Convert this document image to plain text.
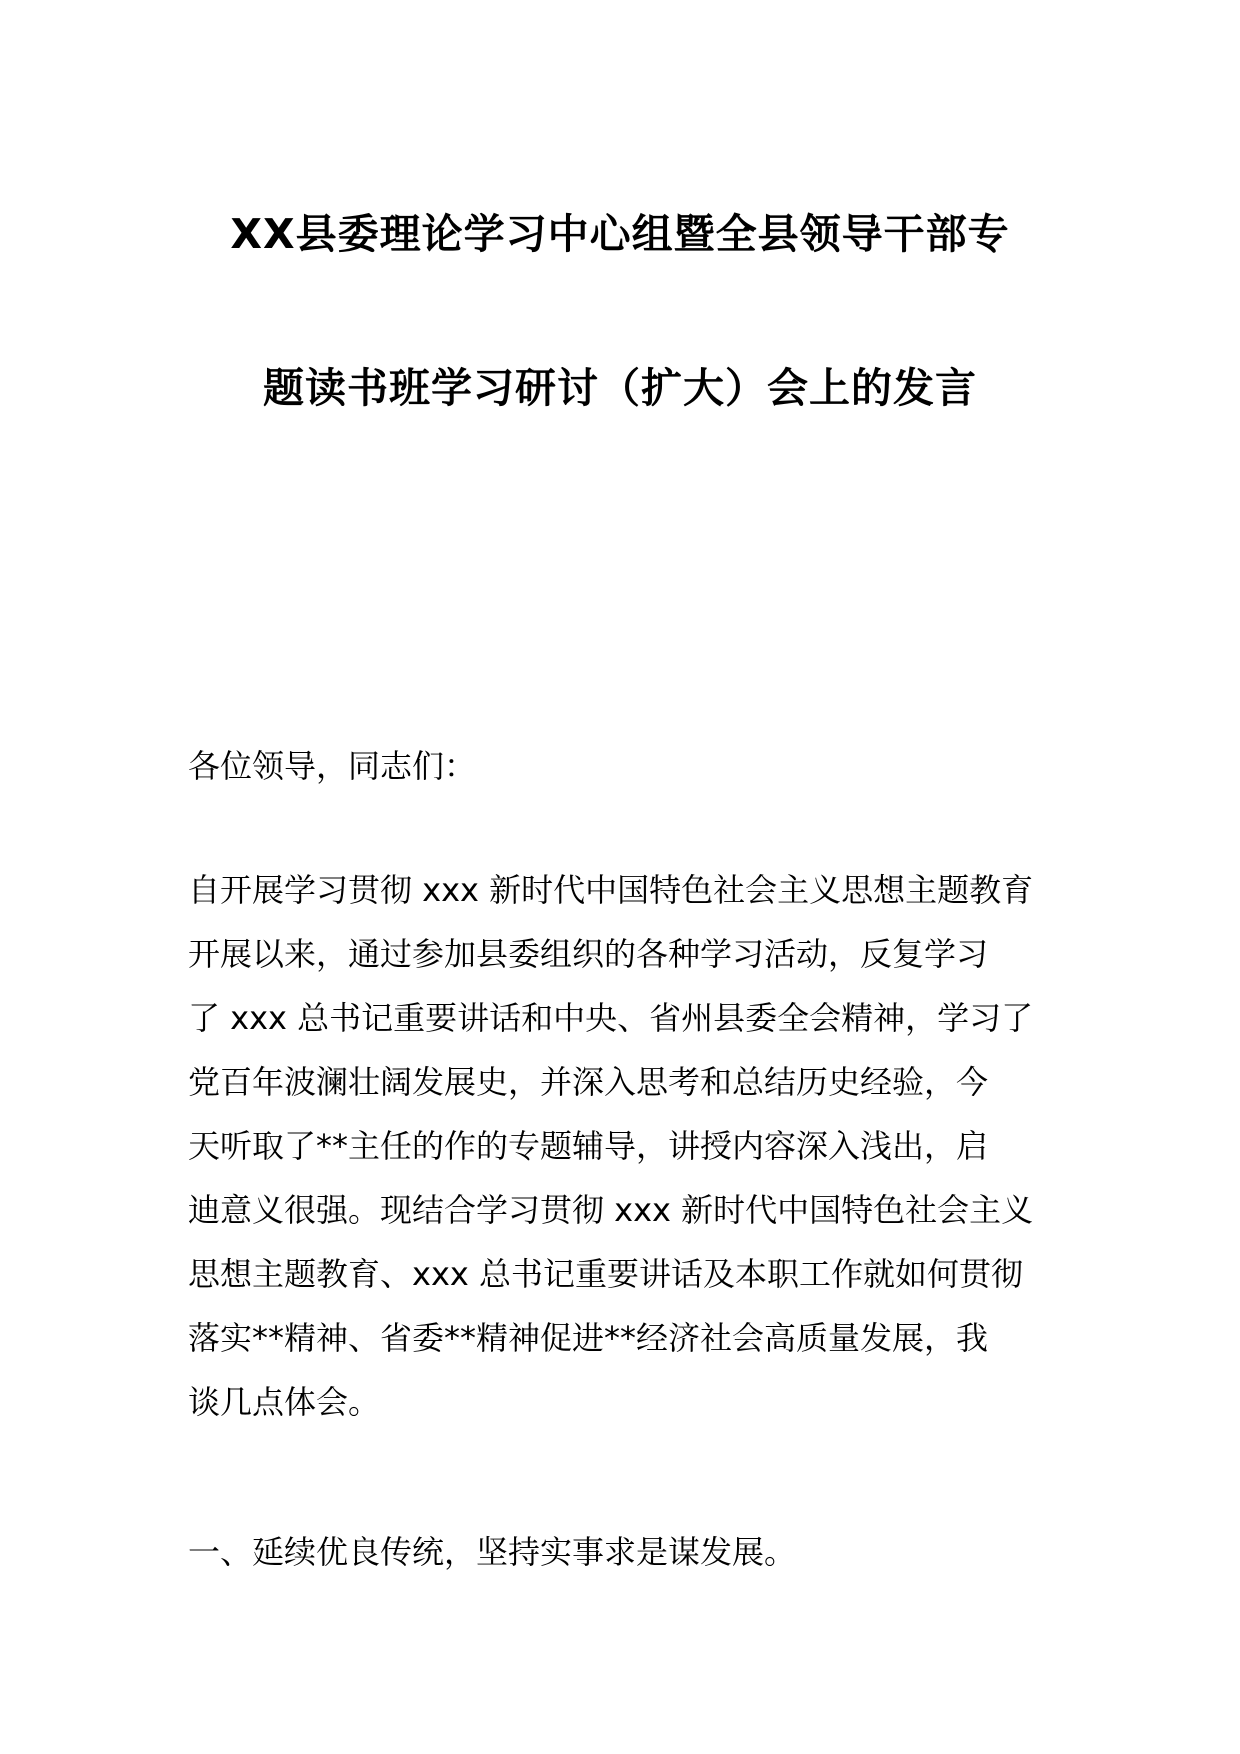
XX县委理论学习中心组暨全县领导干部专
题读书班学习研讨（扩大）会上的发言
各位领导，同志们：
自开展学习贯彻 xxx 新时代中国特色社会主义思想主题教育
开展以来，通过参加县委组织的各种学习活动，反复学习
了 xxx 总书记重要讲话和中央、省州县委全会精神，学习了
党百年波澜壮阔发展史，并深入思考和总结历史经验，今
天听取了**主任的作的专题辅导，讲授内容深入浅出，启
迪意义很强。现结合学习贯彻 xxx 新时代中国特色社会主义
思想主题教育、xxx 总书记重要讲话及本职工作就如何贯彻
落实**精神、省委**精神促进**经济社会高质量发展，我
谈几点体会。
一、延续优良传统，坚持实事求是谋发展。
